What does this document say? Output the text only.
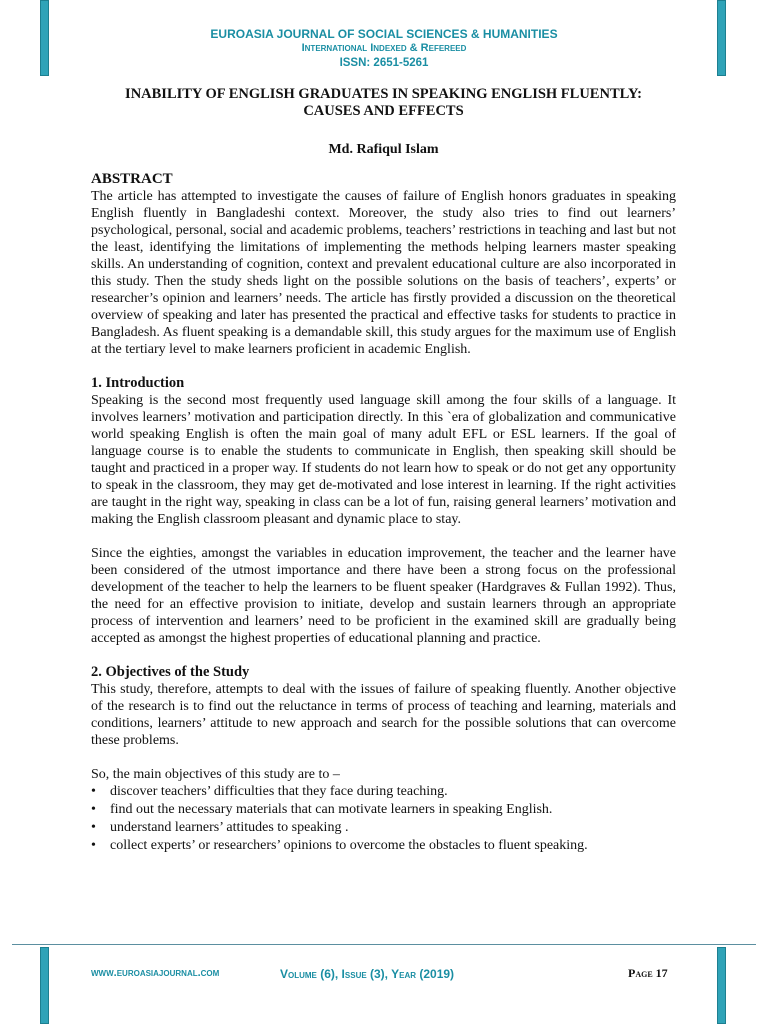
EUROASIA JOURNAL OF SOCIAL SCIENCES & HUMANITIES
International Indexed & Refereed
ISSN: 2651-5261

INABILITY OF ENGLISH GRADUATES IN SPEAKING ENGLISH FLUENTLY:

CAUSES AND EFFECTS

Md. Rafiqul Islam
ABSTRACT

The article has attempted to investigate the causes of failure of English honors graduates in speaking English fluently in Bangladeshi context. Moreover, the study also tries to find out learners’ psychological, personal, social and academic problems, teachers’ restrictions in teaching and last but not the least, identifying the limitations of implementing the methods helping learners master speaking skills. An understanding of cognition, context and prevalent educational culture are also incorporated in this study. Then the study sheds light on the possible solutions on the basis of teachers’, experts’ or researcher’s opinion and learners’ needs. The article has firstly provided a discussion on the theoretical overview of speaking and later has presented the practical and effective tasks for students to practice in Bangladesh. As fluent speaking is a demandable skill, this study argues for the maximum use of English at the tertiary level to make learners proficient in academic English.

1. Introduction

Speaking is the second most frequently used language skill among the four skills of a language. It involves learners’ motivation and participation directly. In this `era of globalization and communicative world speaking English is often the main goal of many adult EFL or ESL learners. If the goal of language course is to enable the students to communicate in English, then speaking skill should be taught and practiced in a proper way. If students do not learn how to speak or do not get any opportunity to speak in the classroom, they may get de-motivated and lose interest in learning. If the right activities are taught in the right way, speaking in class can be a lot of fun, raising general learners’ motivation and making the English classroom pleasant and dynamic place to stay.

Since the eighties, amongst the variables in education improvement, the teacher and the learner have been considered of the utmost importance and there have been a strong focus on the professional development of the teacher to help the learners to be fluent speaker (Hardgraves & Fullan 1992). Thus, the need for an effective provision to initiate, develop and sustain learners through an appropriate process of intervention and learners’ need to be proficient in the examined skill are gradually being accepted as amongst the highest properties of educational planning and practice.

2. Objectives of the Study

This study, therefore, attempts to deal with the issues of failure of speaking fluently. Another objective of the research is to find out the reluctance in terms of process of teaching and learning, materials and conditions, learners’ attitude to new approach and search for the possible solutions that can overcome these problems.

So, the main objectives of this study are to –

• discover teachers’ difficulties that they face during teaching.
• find out the necessary materials that can motivate learners in speaking English.
• understand learners’ attitudes to speaking .
• collect experts’ or researchers’ opinions to overcome the obstacles to fluent speaking.
www.euroasiajournal.com	Volume (6), Issue (3), Year (2019)	Page 17
